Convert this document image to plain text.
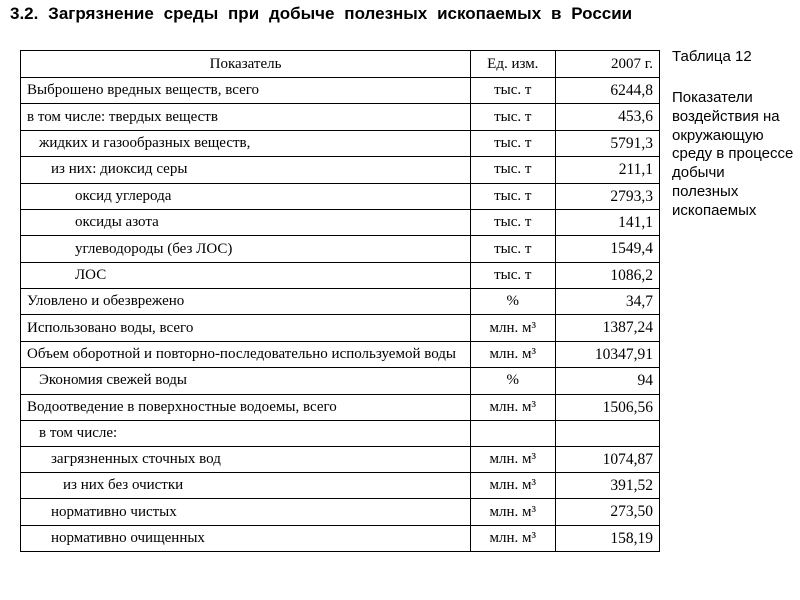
3.2. Загрязнение среды при добыче полезных ископаемых в России
Показатель	Ед. изм.	2007 г.
Выброшено вредных веществ, всего	тыс. т	6244,8
в том числе: твердых веществ	тыс. т	453,6
жидких и газообразных веществ,	тыс. т	5791,3
из них: диоксид серы	тыс. т	211,1
оксид углерода	тыс. т	2793,3
оксиды азота	тыс. т	141,1
углеводороды (без ЛОС)	тыс. т	1549,4
ЛОС	тыс. т	1086,2
Уловлено и обезврежено	%	34,7
Использовано воды, всего	млн. м³	1387,24
Объем оборотной и повторно-последовательно используемой воды	млн. м³	10347,91
Экономия свежей воды	%	94
Водоотведение в поверхностные водоемы, всего	млн. м³	1506,56
в том числе:		
загрязненных сточных вод	млн. м³	1074,87
из них без очистки	млн. м³	391,52
нормативно чистых	млн. м³	273,50
нормативно очищенных	млн. м³	158,19
Таблица 12

Показатели воздействия на окружающую среду в процессе добычи полезных ископаемых
